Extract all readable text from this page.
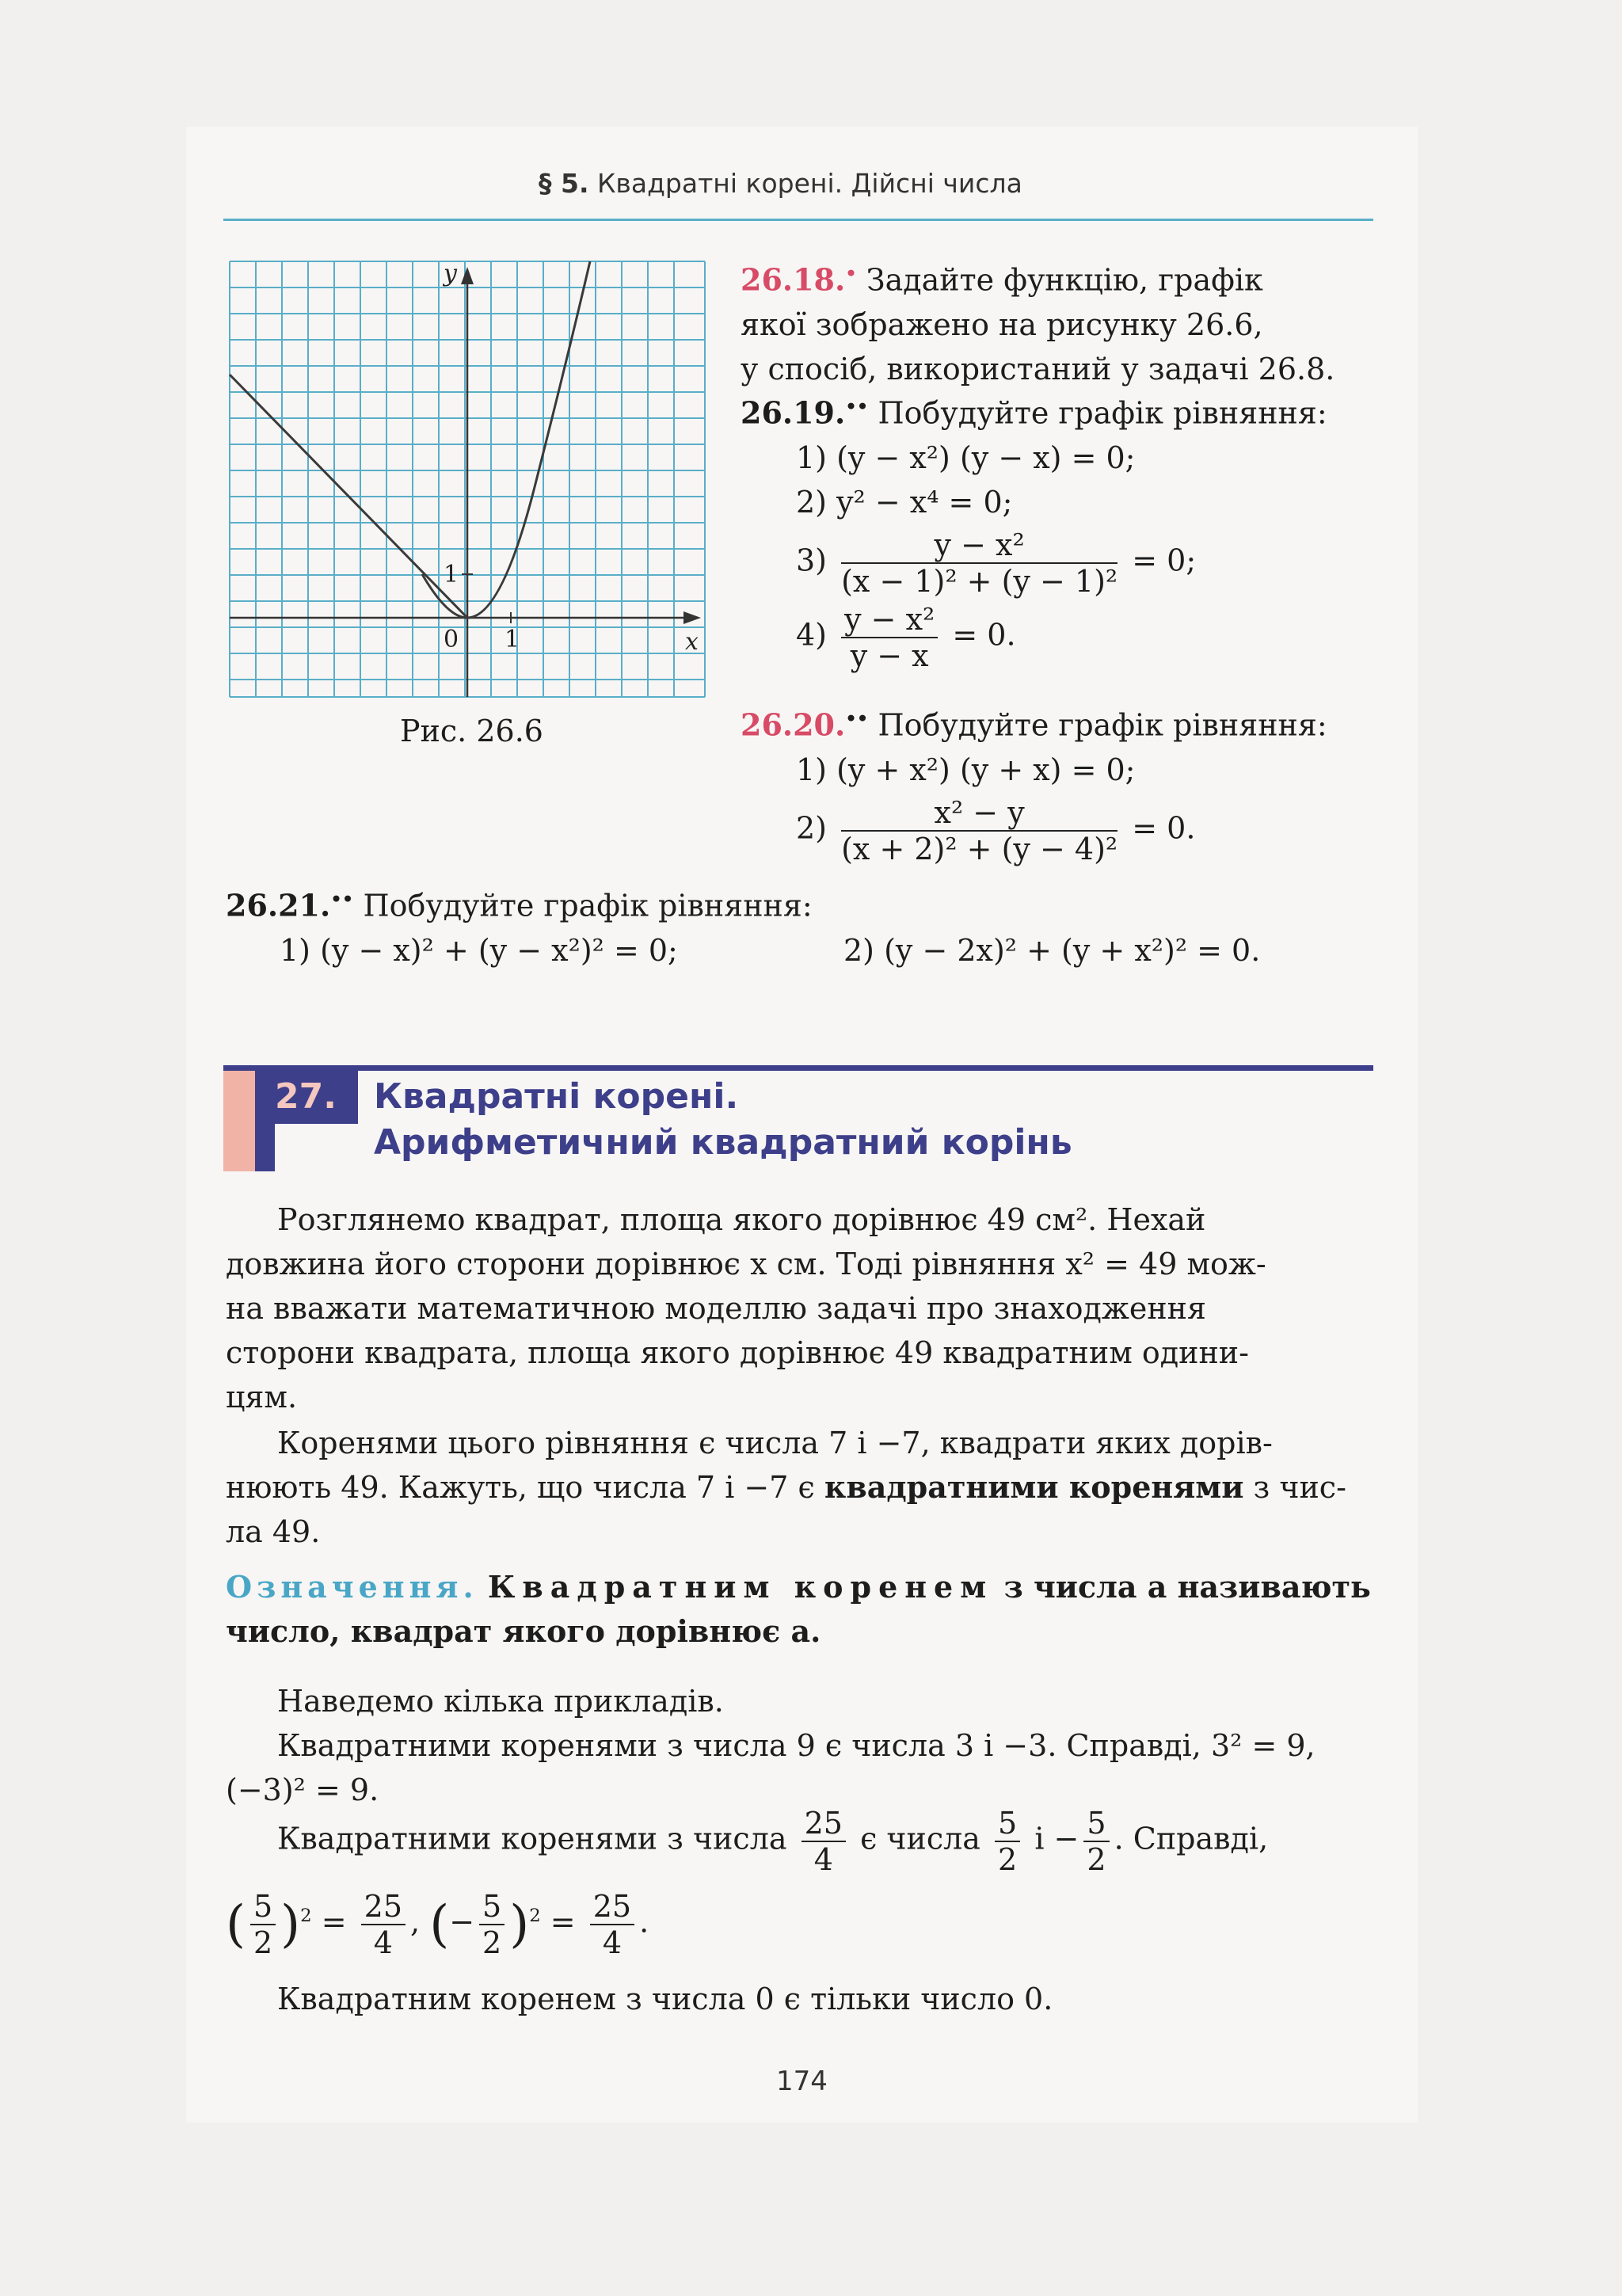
§ 5. Квадратні корені. Дійсні числа
y
x
0 1
1
Рис. 26.6
26.18.• Задайте функцію, графік
якої зображено на рисунку 26.6,
у спосіб, використаний у задачі 26.8.
26.19.•• Побудуйте графік рівняння:
1) (y − x²) (y − x) = 0;
2) y² − x⁴ = 0;
$3) \frac{\text{y − x²}}{\text{(x − 1)² + (y − 1)²}} = 0$;
$4) \frac{\text{y − x²}}{y - x} = 0$.
26.20.•• Побудуйте графік рівняння:
1) (y + x²) (y + x) = 0;
$2) \frac{\text{x² − y}}{\text{(x + 2)² + (y − 4)²}} = 0$.
26.21.•• Побудуйте графік рівняння:
1) (y − x)² + (y − x²)² = 0;	2) (y − 2x)² + (y + x²)² = 0.
27. Квадратні корені.
Арифметичний квадратний корінь
Розглянемо квадрат, площа якого дорівнює 49 см². Нехай
довжина його сторони дорівнює x см. Тоді рівняння x² = 49 мож-
на вважати математичною моделлю задачі про знаходження
сторони квадрата, площа якого дорівнює 49 квадратним одини-
цям.
Коренями цього рівняння є числа 7 і −7, квадрати яких дорів-
нюють 49. Кажуть, що числа 7 і −7 є квадратними коренями з чис-
ла 49.
Означення. Квадратним коренем з числа a називають
число, квадрат якого дорівнює a.
Наведемо кілька прикладів.
Квадратними коренями з числа 9 є числа 3 і −3. Справді, 3² = 9,
(−3)² = 9.
Квадратними коренями з числа $\frac{25}{4}$ є числа $\frac{5}{2}$ $і - \frac{5}{2}$ . Справді,
( $\frac{5}{2} )^2 = \frac{25}{4}$ , (− $\frac{5}{2} )^2 = \frac{25}{4}$ .
Квадратним коренем з числа 0 є тільки число 0.
174
